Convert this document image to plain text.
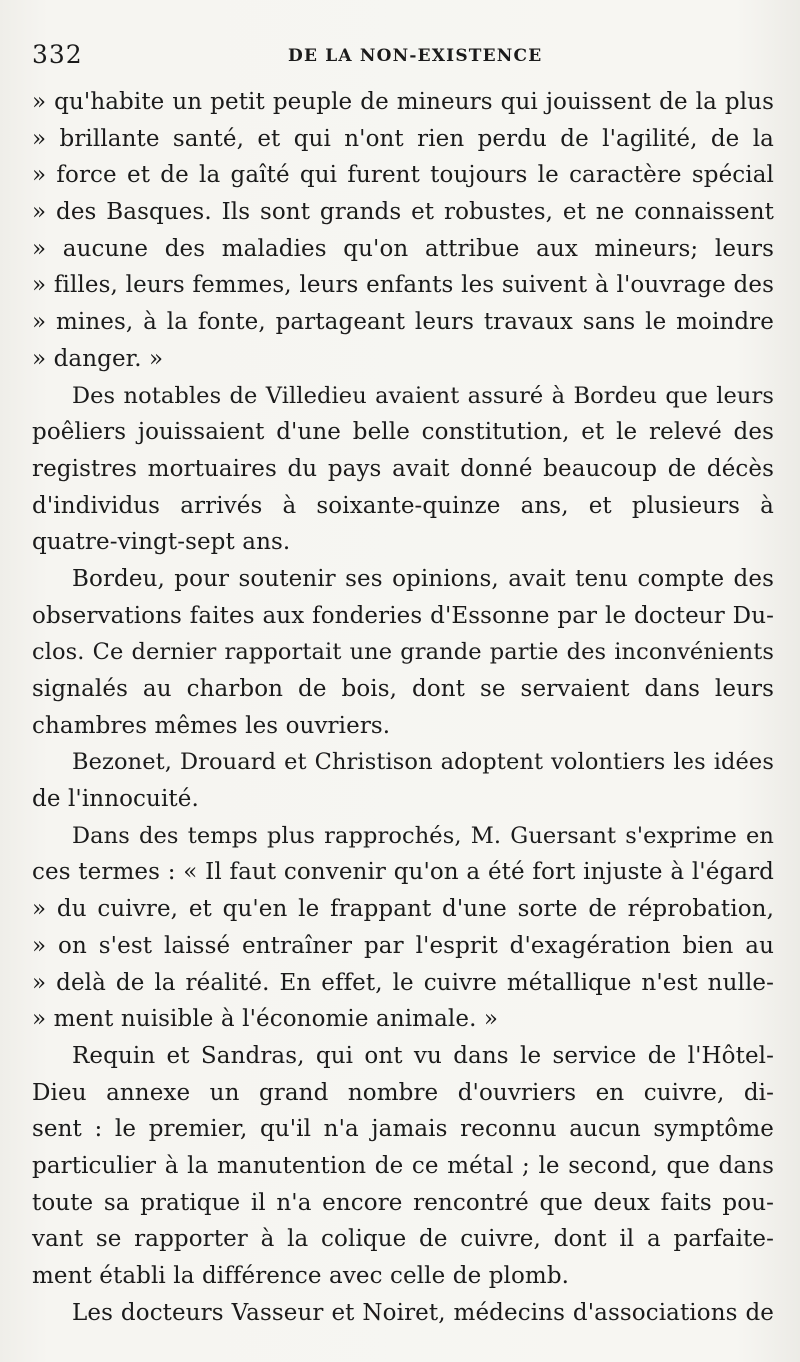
332	DE LA NON-EXISTENCE
» qu'habite un petit peuple de mineurs qui jouissent de la plus
» brillante santé, et qui n'ont rien perdu de l'agilité, de la
» force et de la gaîté qui furent toujours le caractère spécial
» des Basques. Ils sont grands et robustes, et ne connaissent
» aucune des maladies qu'on attribue aux mineurs; leurs
» filles, leurs femmes, leurs enfants les suivent à l'ouvrage des
» mines, à la fonte, partageant leurs travaux sans le moindre
» danger. »
Des notables de Villedieu avaient assuré à Bordeu que leurs
poêliers jouissaient d'une belle constitution, et le relevé des
registres mortuaires du pays avait donné beaucoup de décès
d'individus arrivés à soixante-quinze ans, et plusieurs à
quatre-vingt-sept ans.
Bordeu, pour soutenir ses opinions, avait tenu compte des
observations faites aux fonderies d'Essonne par le docteur Du-
clos. Ce dernier rapportait une grande partie des inconvénients
signalés au charbon de bois, dont se servaient dans leurs
chambres mêmes les ouvriers.
Bezonet, Drouard et Christison adoptent volontiers les idées
de l'innocuité.
Dans des temps plus rapprochés, M. Guersant s'exprime en
ces termes : « Il faut convenir qu'on a été fort injuste à l'égard
» du cuivre, et qu'en le frappant d'une sorte de réprobation,
» on s'est laissé entraîner par l'esprit d'exagération bien au
» delà de la réalité. En effet, le cuivre métallique n'est nulle-
» ment nuisible à l'économie animale. »
Requin et Sandras, qui ont vu dans le service de l'Hôtel-
Dieu annexe un grand nombre d'ouvriers en cuivre, di-
sent : le premier, qu'il n'a jamais reconnu aucun symptôme
particulier à la manutention de ce métal ; le second, que dans
toute sa pratique il n'a encore rencontré que deux faits pou-
vant se rapporter à la colique de cuivre, dont il a parfaite-
ment établi la différence avec celle de plomb.
Les docteurs Vasseur et Noiret, médecins d'associations de
